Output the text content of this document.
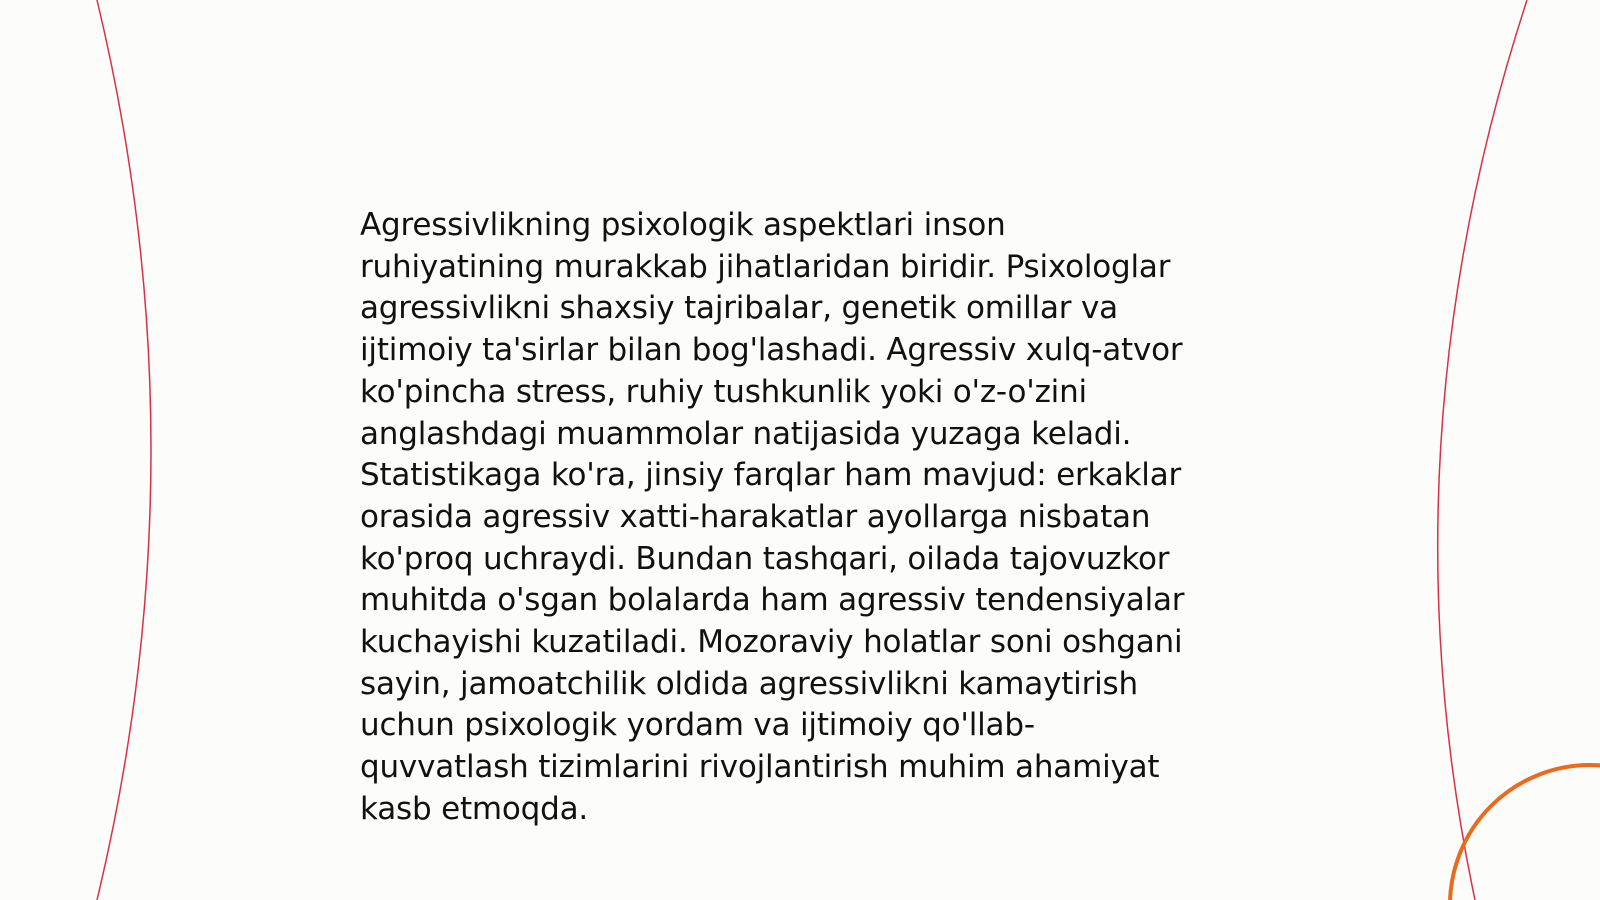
Agressivlikning psixologik aspektlari inson
ruhiyatining murakkab jihatlaridan biridir. Psixologlar
agressivlikni shaxsiy tajribalar, genetik omillar va
ijtimoiy ta'sirlar bilan bog'lashadi. Agressiv xulq-atvor
ko'pincha stress, ruhiy tushkunlik yoki o'z-o'zini
anglashdagi muammolar natijasida yuzaga keladi.
Statistikaga ko'ra, jinsiy farqlar ham mavjud: erkaklar
orasida agressiv xatti-harakatlar ayollarga nisbatan
ko'proq uchraydi. Bundan tashqari, oilada tajovuzkor
muhitda o'sgan bolalarda ham agressiv tendensiyalar
kuchayishi kuzatiladi. Mozoraviy holatlar soni oshgani
sayin, jamoatchilik oldida agressivlikni kamaytirish
uchun psixologik yordam va ijtimoiy qo'llab-
quvvatlash tizimlarini rivojlantirish muhim ahamiyat
kasb etmoqda.
